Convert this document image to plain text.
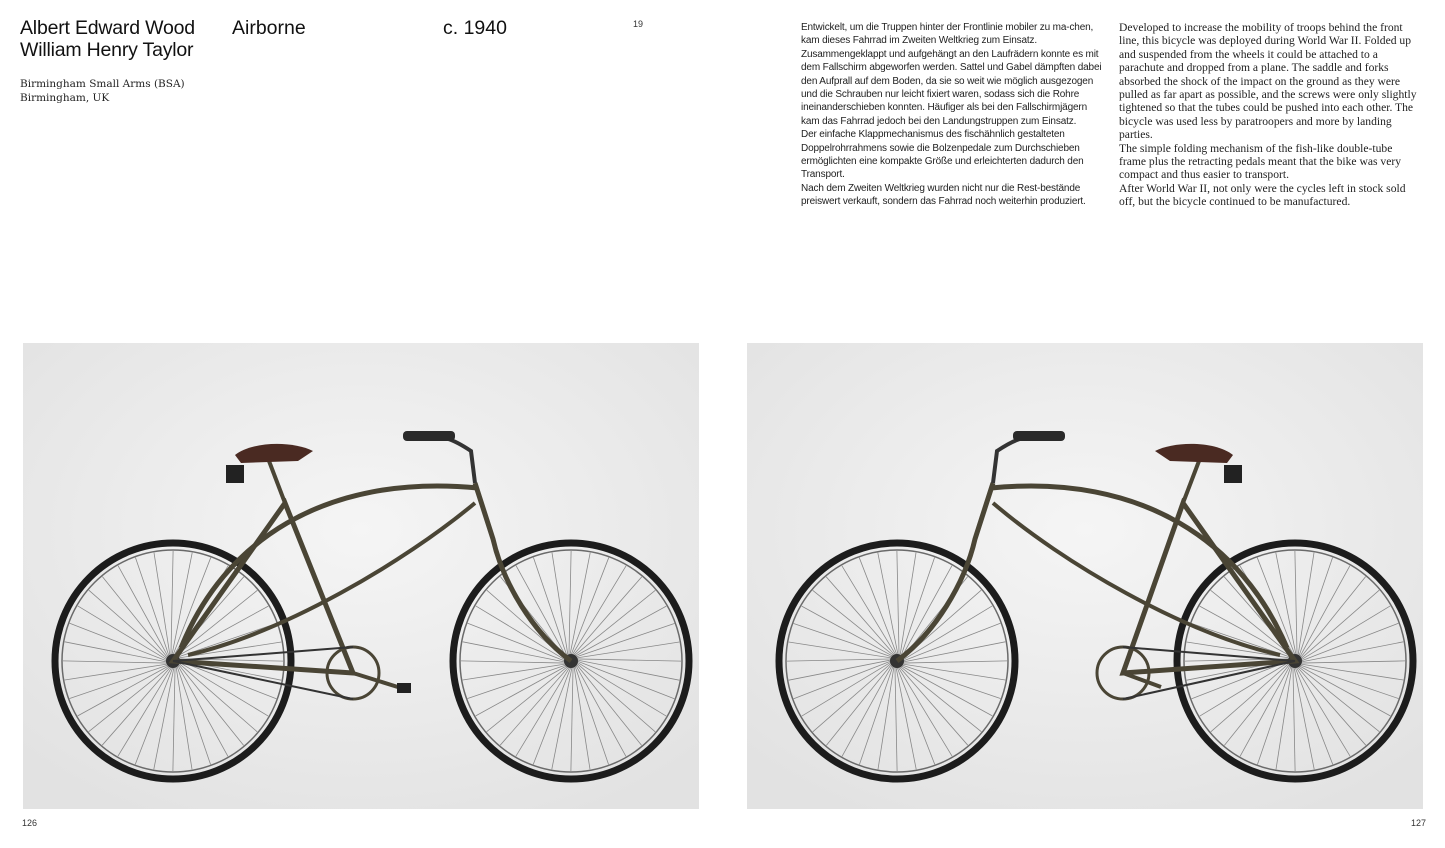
Albert Edward Wood
William Henry Taylor
Airborne	c. 1940	19
Birmingham Small Arms (BSA)
Birmingham, UK

Entwickelt, um die Truppen hinter der Frontlinie mobiler zu ma-chen, kam dieses Fahrrad im Zweiten Weltkrieg zum Einsatz. Zusammengeklappt und aufgehängt an den Laufrädern konnte es mit dem Fallschirm abgeworfen werden. Sattel und Gabel dämpften dabei den Aufprall auf dem Boden, da sie so weit wie möglich ausgezogen und die Schrauben nur leicht fixiert waren, sodass sich die Rohre ineinanderschieben konnten. Häufiger als bei den Fallschirmjägern kam das Fahrrad jedoch bei den Landungstruppen zum Einsatz.

Der einfache Klappmechanismus des fischähnlich gestalteten Doppelrohrrahmens sowie die Bolzenpedale zum Durchschieben ermöglichten eine kompakte Größe und erleichterten dadurch den Transport.

Nach dem Zweiten Weltkrieg wurden nicht nur die Rest-bestände preiswert verkauft, sondern das Fahrrad noch weiterhin produziert.

Developed to increase the mobility of troops behind the front line, this bicycle was deployed during World War II. Folded up and suspended from the wheels it could be attached to a parachute and dropped from a plane. The saddle and forks absorbed the shock of the impact on the ground as they were pulled as far apart as possible, and the screws were only slightly tightened so that the tubes could be pushed into each other. The bicycle was used less by paratroopers and more by landing parties.

The simple folding mechanism of the fish-like double-tube frame plus the retracting pedals meant that the bike was very compact and thus easier to transport.

After World War II, not only were the cycles left in stock sold off, but the bicycle continued to be manufactured.

126	127
